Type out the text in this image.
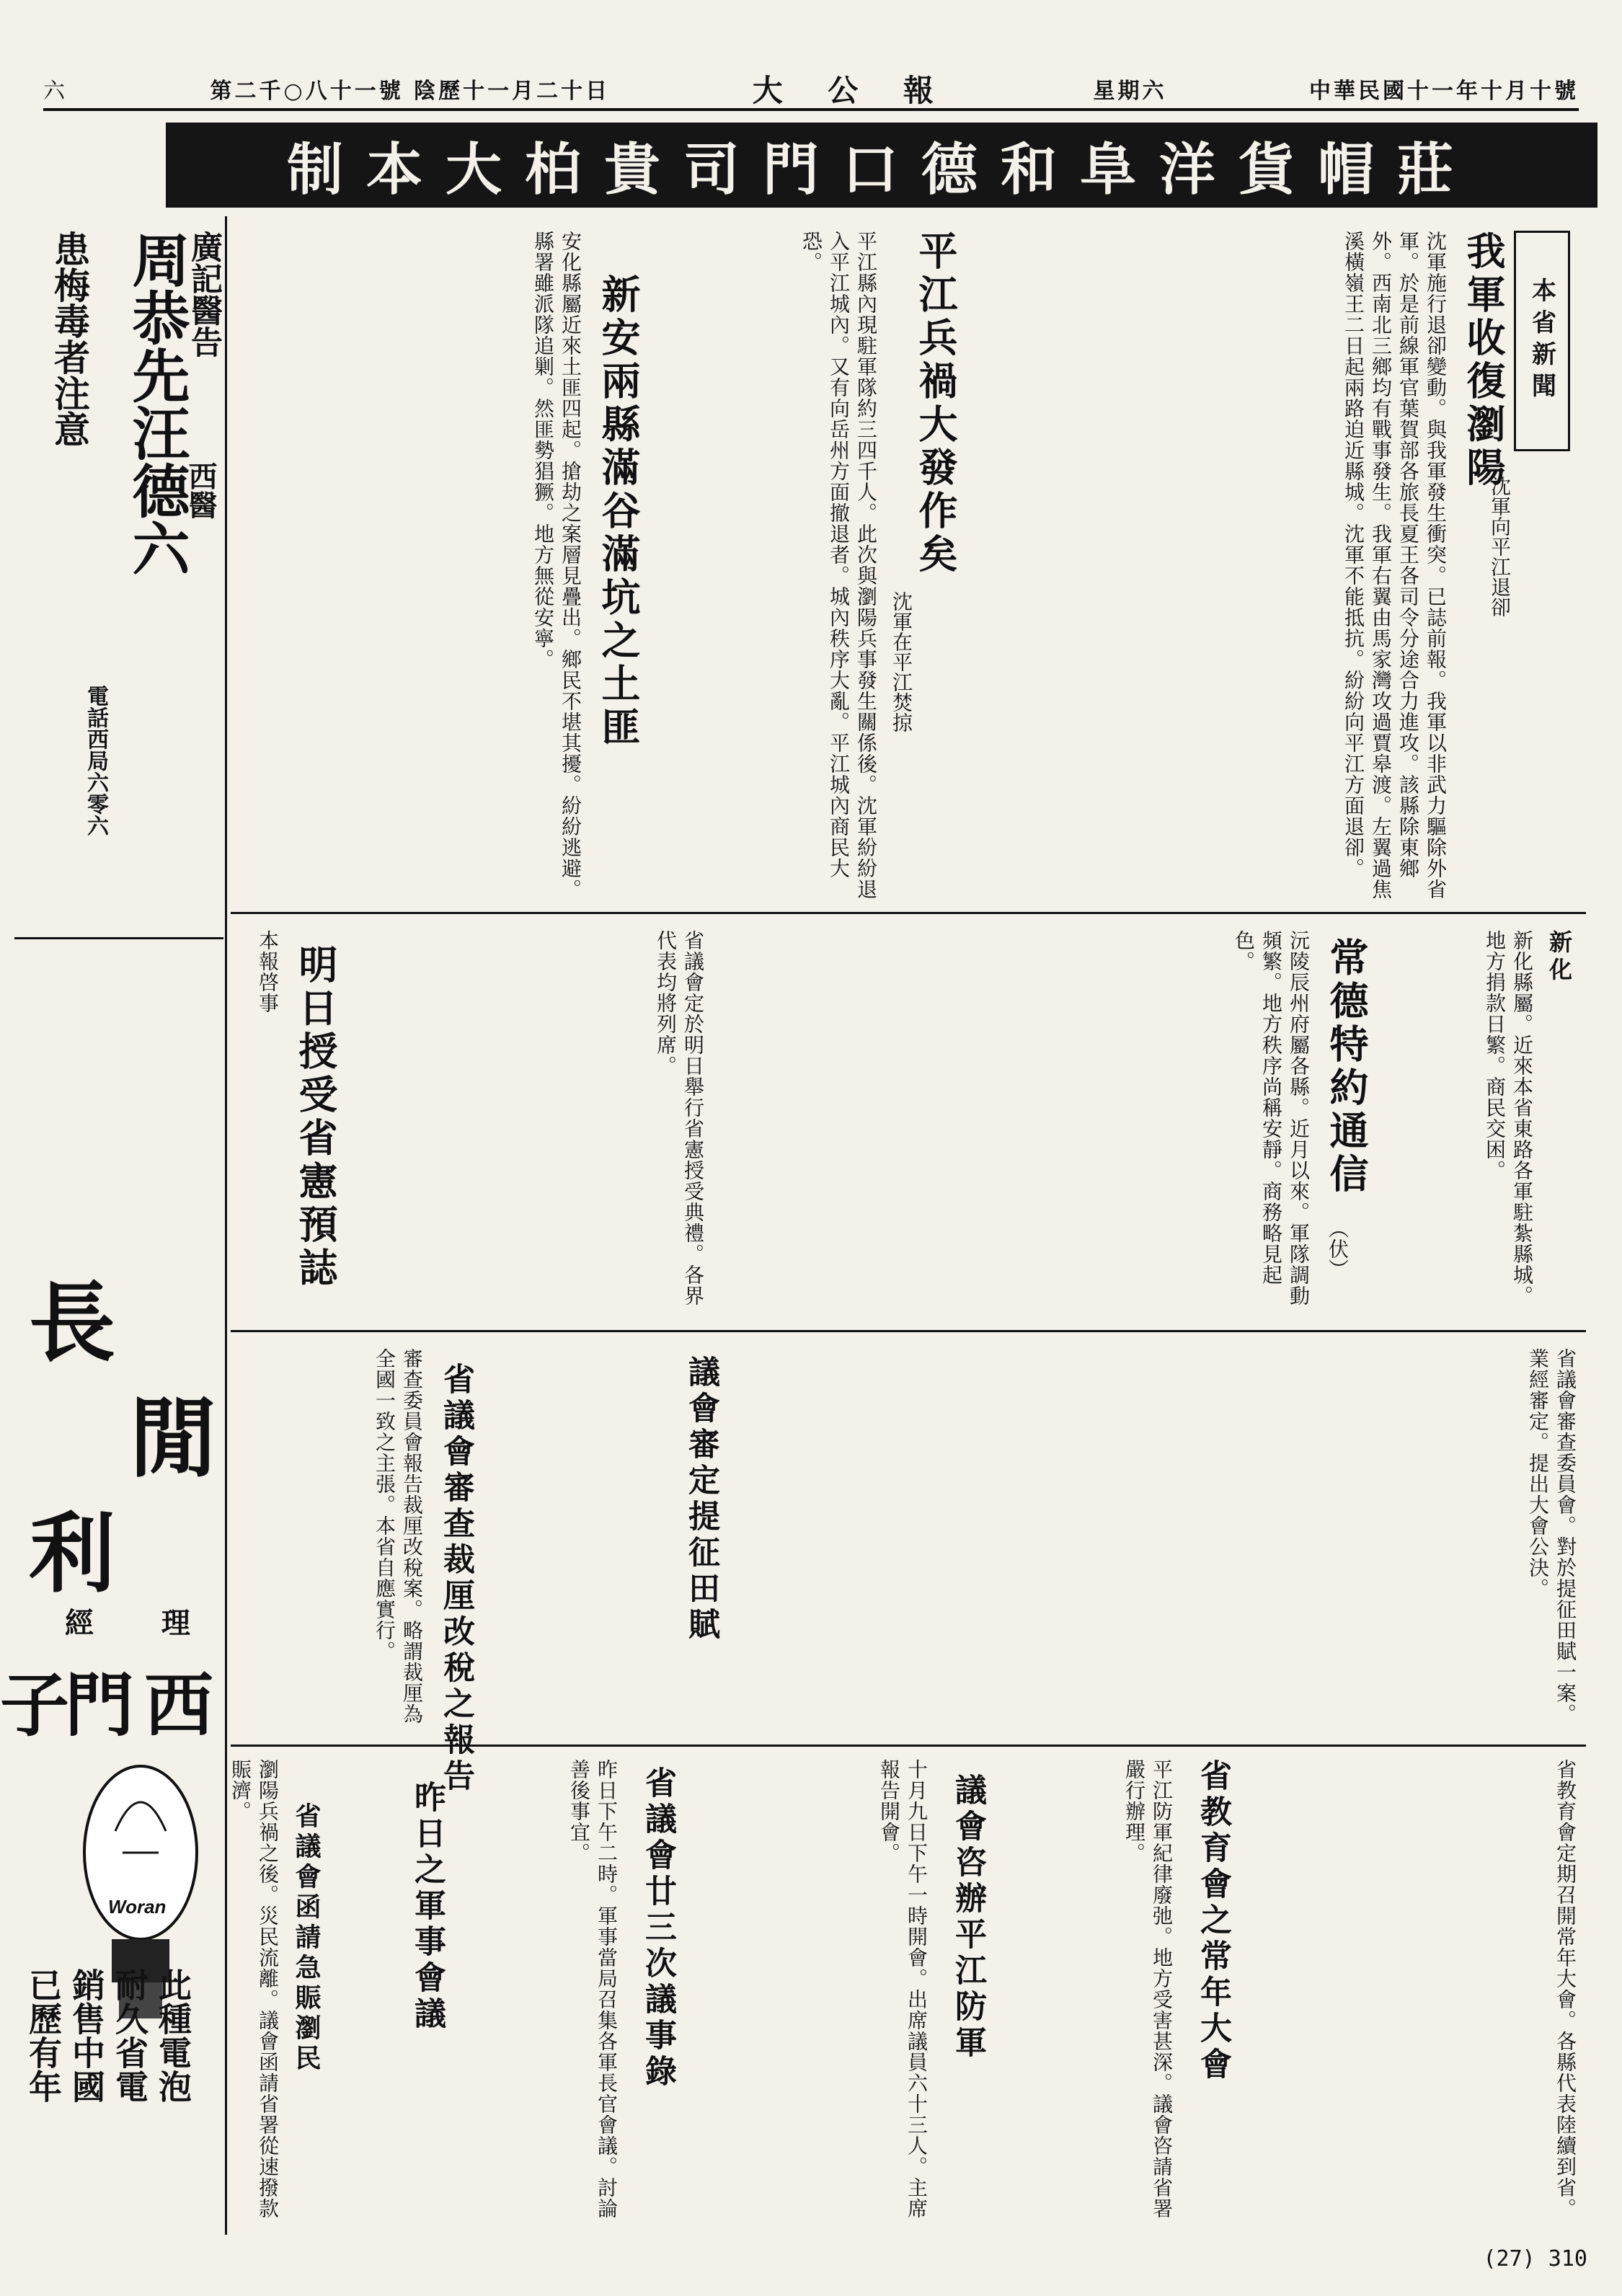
六	第二千○八十一號 陰歷十一月二十日	大 公 報	星期六	中華民國十一年十月十號
制本大柏貴司門口德和阜洋貨帽莊
本省新聞
我軍收復瀏陽
沈軍向平江退卻
沈軍施行退卻變動。與我軍發生衝突。已誌前報。我軍以非武力驅除外省軍。於是前線軍官葉賀部各旅長夏王各司令分途合力進攻。該縣除東鄉外。西南北三鄉均有戰事發生。我軍右翼由馬家灣攻過賈皋渡。左翼過焦溪橫嶺王二日起兩路迫近縣城。沈軍不能抵抗。紛紛向平江方面退卻。
平江兵禍大發作矣
沈軍在平江焚掠
平江縣內現駐軍隊約三四千人。此次與瀏陽兵事發生關係後。沈軍紛紛退入平江城內。又有向岳州方面撤退者。城內秩序大亂。平江城內商民大恐。
新安兩縣滿谷滿坑之土匪
安化縣屬近來土匪四起。搶劫之案層見疊出。鄉民不堪其擾。紛紛逃避。縣署雖派隊追剿。然匪勢猖獗。地方無從安寧。
新化
新化縣屬。近來本省東路各軍駐紮縣城。地方捐款日繁。商民交困。
常德特約通信
（伏）
沅陵辰州府屬各縣。近月以來。軍隊調動頻繁。地方秩序尚稱安靜。商務略見起色。
明日授受省憲預誌	省議會定於明日舉行省憲授受典禮。各界代表均將列席。
本報啓事
議會審定提征田賦	省議會審查委員會。對於提征田賦一案。業經審定。提出大會公決。
省議會審查裁厘改稅之報告
審查委員會報告裁厘改稅案。略謂裁厘為全國一致之主張。本省自應實行。
省教育會之常年大會	省教育會定期召開常年大會。各縣代表陸續到省。
議會咨辦平江防軍	平江防軍紀律廢弛。地方受害甚深。議會咨請省署嚴行辦理。
省議會廿三次議事錄	十月九日下午一時開會。出席議員六十三人。主席報告開會。
昨日之軍事會議	昨日下午二時。軍事當局召集各軍長官會議。討論善後事宜。
省議會函請急賑瀏民
瀏陽兵禍之後。災民流離。議會函請省署從速撥款賑濟。
廣記醫告
西醫
周恭先汪德六
患梅毒者注意
電話西局六零六
長
利
閒
經 理
西
門
子
Woran
此種電泡
耐久省電
銷售中國
已歷有年
(27) 310
